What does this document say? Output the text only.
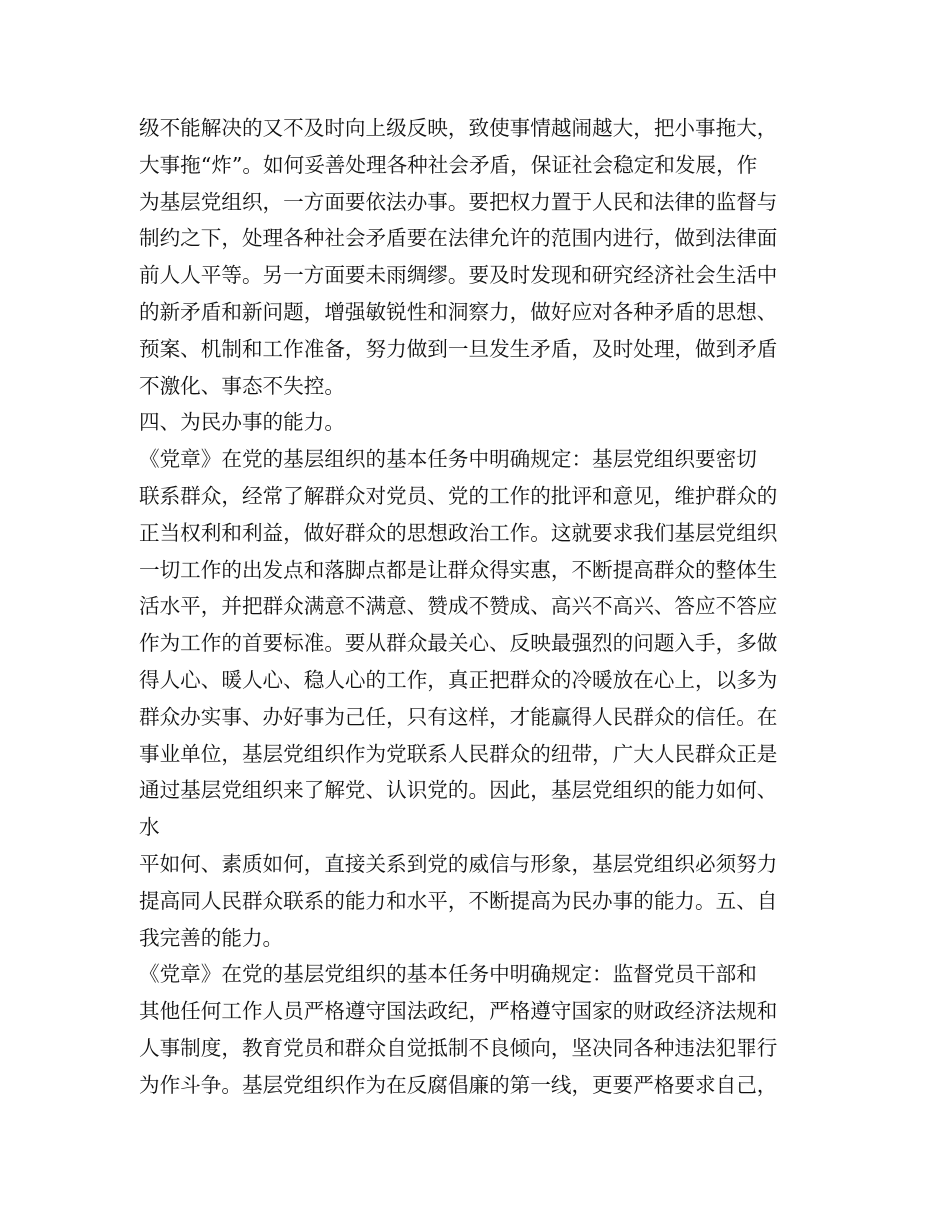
级不能解决的又不及时向上级反映，致使事情越闹越大，把小事拖大，
大事拖“炸”。如何妥善处理各种社会矛盾，保证社会稳定和发展，作
为基层党组织，一方面要依法办事。要把权力置于人民和法律的监督与
制约之下，处理各种社会矛盾要在法律允许的范围内进行，做到法律面
前人人平等。另一方面要未雨绸缪。要及时发现和研究经济社会生活中
的新矛盾和新问题，增强敏锐性和洞察力，做好应对各种矛盾的思想、
预案、机制和工作准备，努力做到一旦发生矛盾，及时处理，做到矛盾
不激化、事态不失控。
四、为民办事的能力。
《党章》在党的基层组织的基本任务中明确规定：基层党组织要密切
联系群众，经常了解群众对党员、党的工作的批评和意见，维护群众的
正当权利和利益，做好群众的思想政治工作。这就要求我们基层党组织
一切工作的出发点和落脚点都是让群众得实惠，不断提高群众的整体生
活水平，并把群众满意不满意、赞成不赞成、高兴不高兴、答应不答应
作为工作的首要标准。要从群众最关心、反映最强烈的问题入手，多做
得人心、暖人心、稳人心的工作，真正把群众的冷暖放在心上，以多为
群众办实事、办好事为己任，只有这样，才能赢得人民群众的信任。在
事业单位，基层党组织作为党联系人民群众的纽带，广大人民群众正是
通过基层党组织来了解党、认识党的。因此，基层党组织的能力如何、
水
平如何、素质如何，直接关系到党的威信与形象，基层党组织必须努力
提高同人民群众联系的能力和水平，不断提高为民办事的能力。五、自
我完善的能力。
《党章》在党的基层党组织的基本任务中明确规定：监督党员干部和
其他任何工作人员严格遵守国法政纪，严格遵守国家的财政经济法规和
人事制度，教育党员和群众自觉抵制不良倾向，坚决同各种违法犯罪行
为作斗争。基层党组织作为在反腐倡廉的第一线，更要严格要求自己，
